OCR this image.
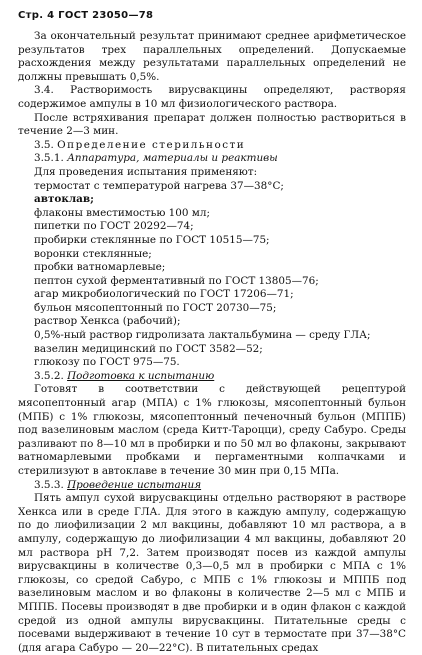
Стр. 4 ГОСТ 23050—78

За окончательный результат принимают среднее арифметическое результатов трех параллельных определений. Допускаемые расхождения между результатами параллельных определений не должны превышать 0,5%.

3.4. Растворимость вирусвакцины определяют, растворяя содержимое ампулы в 10 мл физиологического раствора.

После встряхивания препарат должен полностью раствориться в течение 2—3 мин.

3.5. Определение стерильности

3.5.1. Аппаратура, материалы и реактивы

Для проведения испытания применяют:

термостат с температурой нагрева 37—38°С;

автоклав;

флаконы вместимостью 100 мл;

пипетки по ГОСТ 20292—74;

пробирки стеклянные по ГОСТ 10515—75;

воронки стеклянные;

пробки ватномарлевые;

пептон сухой ферментативный по ГОСТ 13805—76;

агар микробиологический по ГОСТ 17206—71;

бульон мясопептонный по ГОСТ 20730—75;

раствор Хенкса (рабочий);

0,5%-ный раствор гидролизата лактальбумина — среду ГЛА;

вазелин медицинский по ГОСТ 3582—52;

глюкозу по ГОСТ 975—75.

3.5.2. Подготовка к испытанию

Готовят в соответствии с действующей рецептурой мясопептонный агар (МПА) с 1% глюкозы, мясопептонный бульон (МПБ) с 1% глюкозы, мясопептонный печеночный бульон (МППБ) под вазелиновым маслом (среда Китт-Тароцци), среду Сабуро. Среды разливают по 8—10 мл в пробирки и по 50 мл во флаконы, закрывают ватномарлевыми пробками и пергаментными колпачками и стерилизуют в автоклаве в течение 30 мин при 0,15 МПа.

3.5.3. Проведение испытания

Пять ампул сухой вирусвакцины отдельно растворяют в растворе Хенкса или в среде ГЛА. Для этого в каждую ампулу, содержащую по до лиофилизации 2 мл вакцины, добавляют 10 мл раствора, а в ампулу, содержащую до лиофилизации 4 мл вакцины, добавляют 20 мл раствора рН 7,2. Затем производят посев из каждой ампулы вирусвакцины в количестве 0,3—0,5 мл в пробирки с МПА с 1% глюкозы, со средой Сабуро, с МПБ с 1% глюкозы и МППБ под вазелиновым маслом и во флаконы в количестве 2—5 мл с МПБ и МППБ. Посевы производят в две пробирки и в один флакон с каждой средой из одной ампулы вирусвакцины. Питательные среды с посевами выдерживают в течение 10 сут в термостате при 37—38°С (для агара Сабуро — 20—22°С). В питательных средах
